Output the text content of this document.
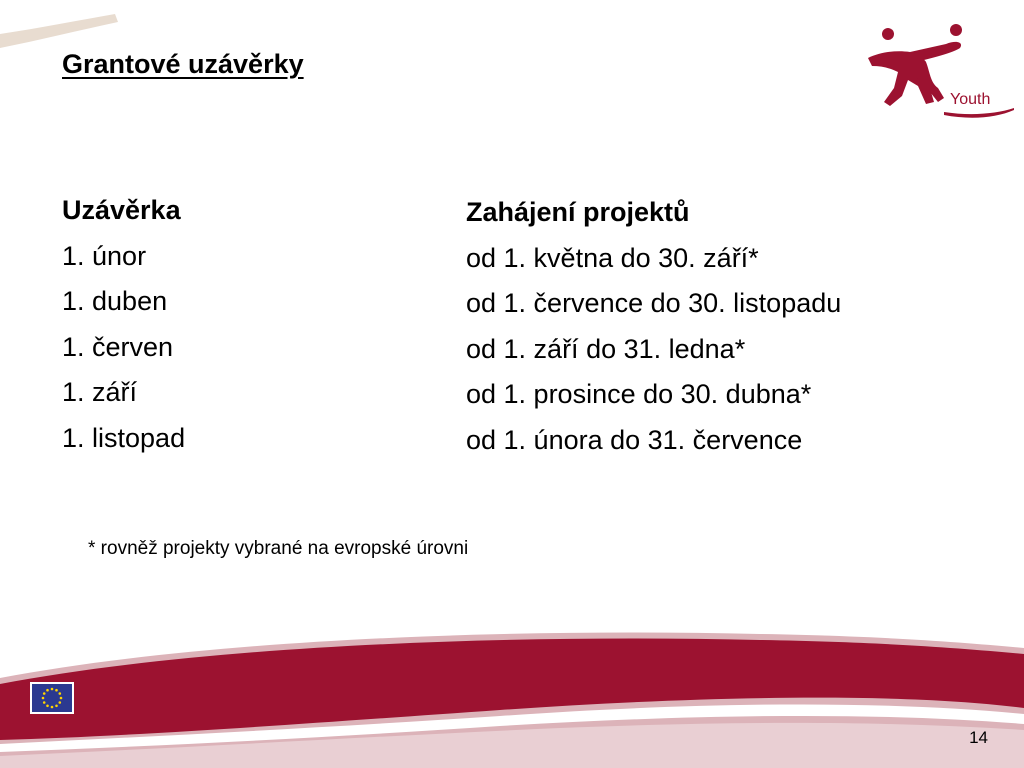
Grantové uzávěrky
Youth
Uzávěrka
1. únor
1. duben
1. červen
1. září
1. listopad
Zahájení projektů
od 1. května do 30. září*
od 1. července do 30. listopadu
od 1. září do 31. ledna*
od 1. prosince do 30. dubna*
od 1. února do 31. července
* rovněž projekty vybrané na evropské úrovni
14
